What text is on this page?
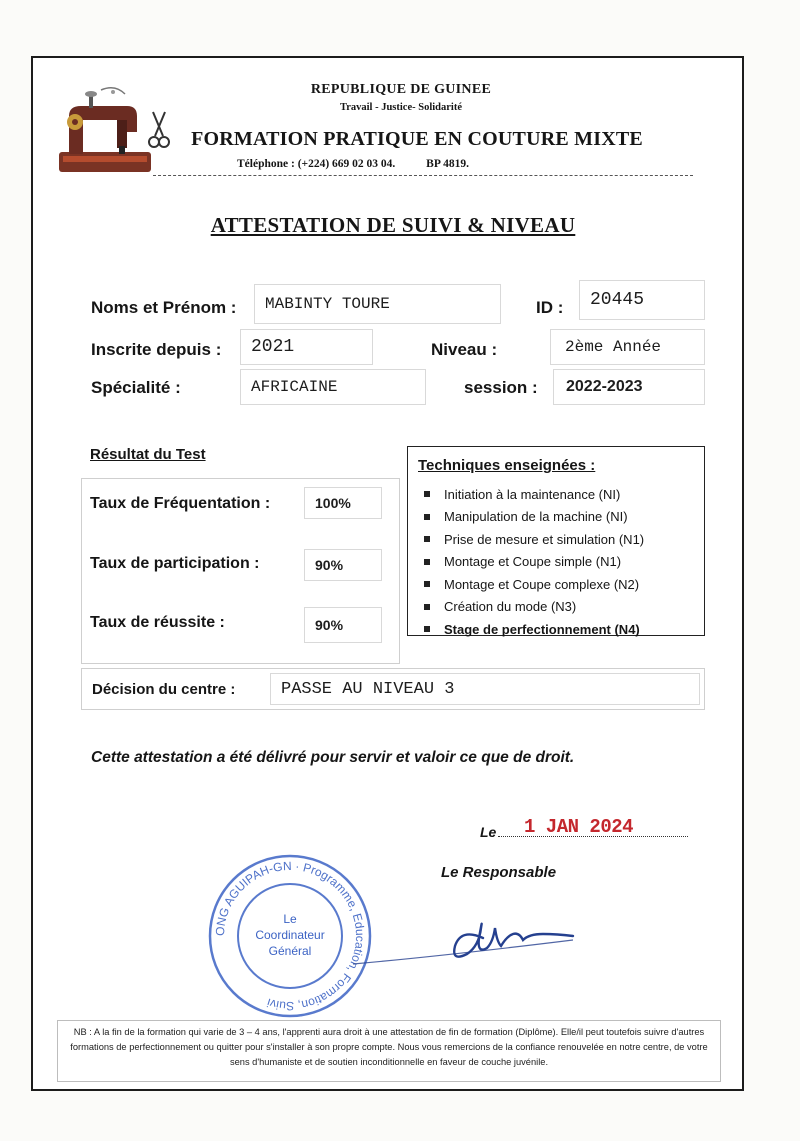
REPUBLIQUE DE GUINEE
Travail - Justice- Solidarité
FORMATION PRATIQUE EN COUTURE MIXTE
Téléphone : (+224) 669 02 03 04.	BP 4819.
ATTESTATION DE SUIVI & NIVEAU
Noms et Prénom :	MABINTY TOURE	ID :	20445
Inscrite depuis :	2021	Niveau :	2ème Année
Spécialité :	AFRICAINE	session :	2022-2023
Résultat du Test
Taux de Fréquentation :	100%
Taux de participation :	90%
Taux de réussite :	90%
Techniques enseignées :
Initiation à la maintenance (NI)
Manipulation de la machine (NI)
Prise de mesure et simulation (N1)
Montage et Coupe simple (N1)
Montage et Coupe complexe (N2)
Création du mode (N3)
Stage de perfectionnement (N4)
Décision du centre :	PASSE AU NIVEAU 3
Cette attestation a été délivré pour servir et valoir ce que de droit.
Le 1 JAN 2024
Le Responsable
ONG AGUIPAH-GN · Programme, Education, Formation, Suivi
Le
Coordinateur
Général
NB : A la fin de la formation qui varie de 3 – 4 ans, l'apprenti aura droit à une attestation de fin de formation (Diplôme). Elle/il peut toutefois suivre d'autres formations de perfectionnement ou quitter pour s'installer à son propre compte. Nous vous remercions de la confiance renouvelée en notre centre, de votre sens d'humaniste et de soutien inconditionnelle en faveur de couche juvénile.
